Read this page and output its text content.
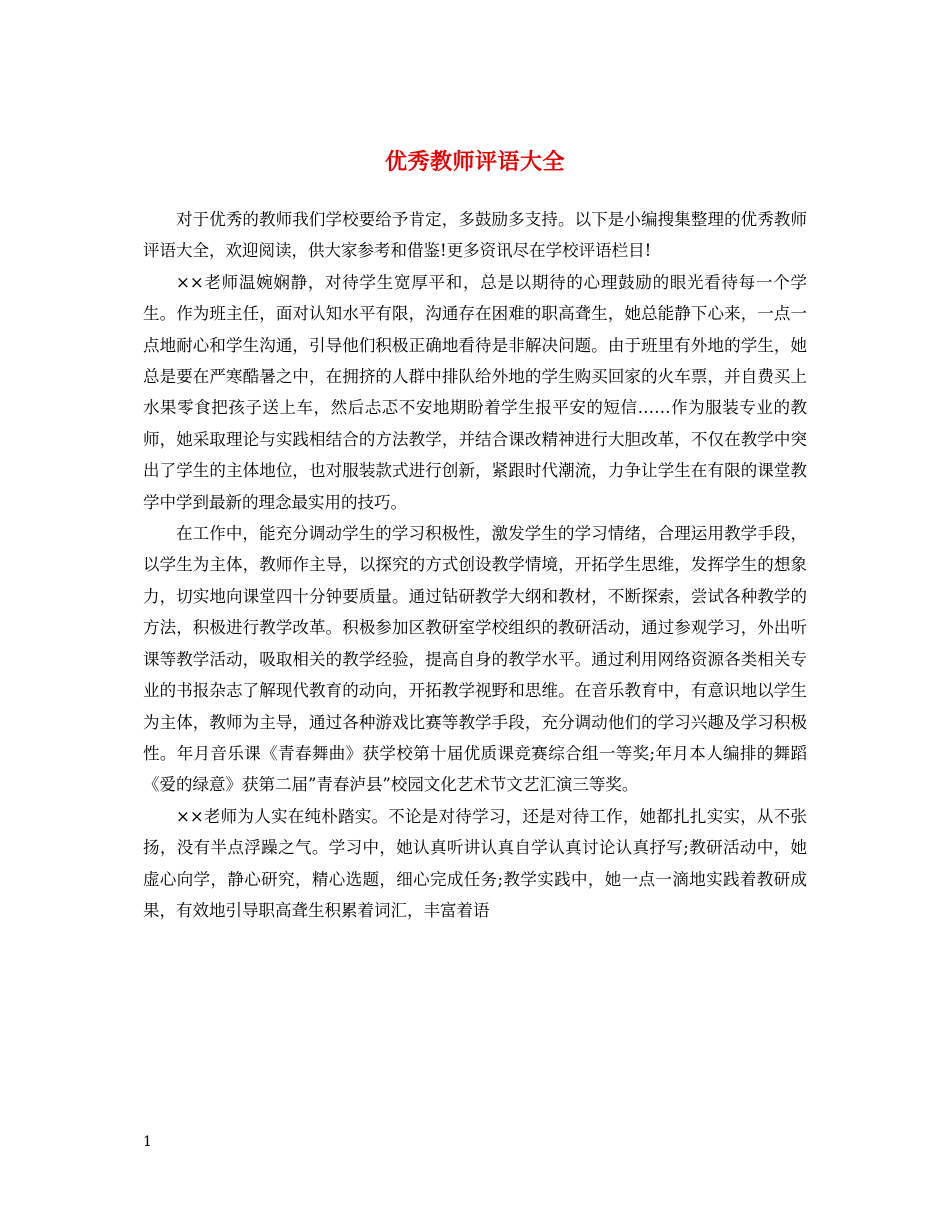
优秀教师评语大全

对于优秀的教师我们学校要给予肯定，多鼓励多支持。以下是小编搜集整理的优秀教师评语大全，欢迎阅读，供大家参考和借鉴!更多资讯尽在学校评语栏目!

××老师温婉娴静，对待学生宽厚平和，总是以期待的心理鼓励的眼光看待每一个学生。作为班主任，面对认知水平有限，沟通存在困难的职高聋生，她总能静下心来，一点一点地耐心和学生沟通，引导他们积极正确地看待是非解决问题。由于班里有外地的学生，她总是要在严寒酷暑之中，在拥挤的人群中排队给外地的学生购买回家的火车票，并自费买上水果零食把孩子送上车，然后忐忑不安地期盼着学生报平安的短信……作为服装专业的教师，她采取理论与实践相结合的方法教学，并结合课改精神进行大胆改革，不仅在教学中突出了学生的主体地位，也对服装款式进行创新，紧跟时代潮流，力争让学生在有限的课堂教学中学到最新的理念最实用的技巧。

在工作中，能充分调动学生的学习积极性，激发学生的学习情绪，合理运用教学手段，以学生为主体，教师作主导，以探究的方式创设教学情境，开拓学生思维，发挥学生的想象力，切实地向课堂四十分钟要质量。通过钻研教学大纲和教材，不断探索，尝试各种教学的方法，积极进行教学改革。积极参加区教研室学校组织的教研活动，通过参观学习，外出听课等教学活动，吸取相关的教学经验，提高自身的教学水平。通过利用网络资源各类相关专业的书报杂志了解现代教育的动向，开拓教学视野和思维。在音乐教育中，有意识地以学生为主体，教师为主导，通过各种游戏比赛等教学手段，充分调动他们的学习兴趣及学习积极性。年月音乐课《青春舞曲》获学校第十届优质课竞赛综合组一等奖;年月本人编排的舞蹈《爱的绿意》获第二届”青春泸县”校园文化艺术节文艺汇演三等奖。

××老师为人实在纯朴踏实。不论是对待学习，还是对待工作，她都扎扎实实，从不张扬，没有半点浮躁之气。学习中，她认真听讲认真自学认真讨论认真抒写;教研活动中，她虚心向学，静心研究，精心选题，细心完成任务;教学实践中，她一点一滴地实践着教研成果，有效地引导职高聋生积累着词汇，丰富着语

1
